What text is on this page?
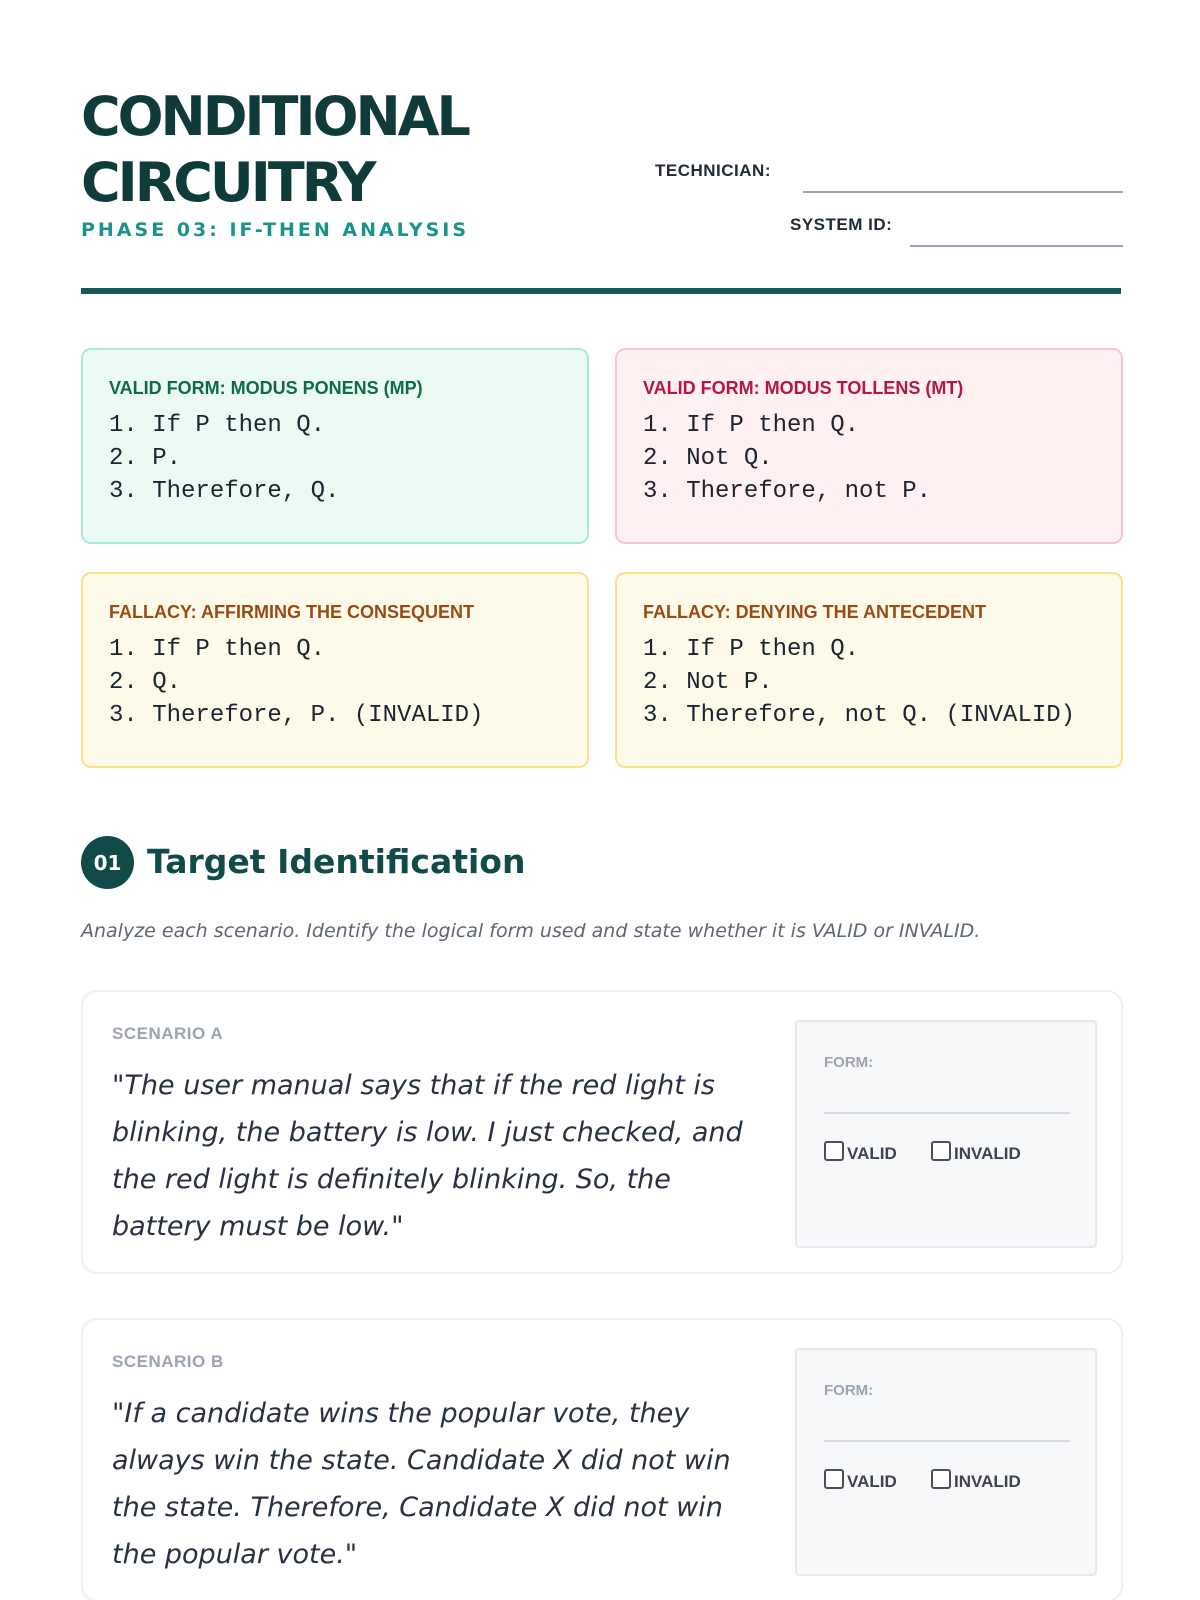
CONDITIONAL
CIRCUITRY
PHASE 03: IF-THEN ANALYSIS
TECHNICIAN:
SYSTEM ID:
VALID FORM: MODUS PONENS (MP)
1. If P then Q.
2. P.
3. Therefore, Q.
VALID FORM: MODUS TOLLENS (MT)
1. If P then Q.
2. Not Q.
3. Therefore, not P.
FALLACY: AFFIRMING THE CONSEQUENT
1. If P then Q.
2. Q.
3. Therefore, P. (INVALID)
FALLACY: DENYING THE ANTECEDENT
1. If P then Q.
2. Not P.
3. Therefore, not Q. (INVALID)
01 Target Identification
Analyze each scenario. Identify the logical form used and state whether it is VALID or INVALID.
SCENARIO A
"The user manual says that if the red light is blinking, the battery is low. I just checked, and the red light is definitely blinking. So, the battery must be low."
FORM:
VALID	INVALID
SCENARIO B
"If a candidate wins the popular vote, they always win the state. Candidate X did not win the state. Therefore, Candidate X did not win the popular vote."
FORM:
VALID	INVALID
